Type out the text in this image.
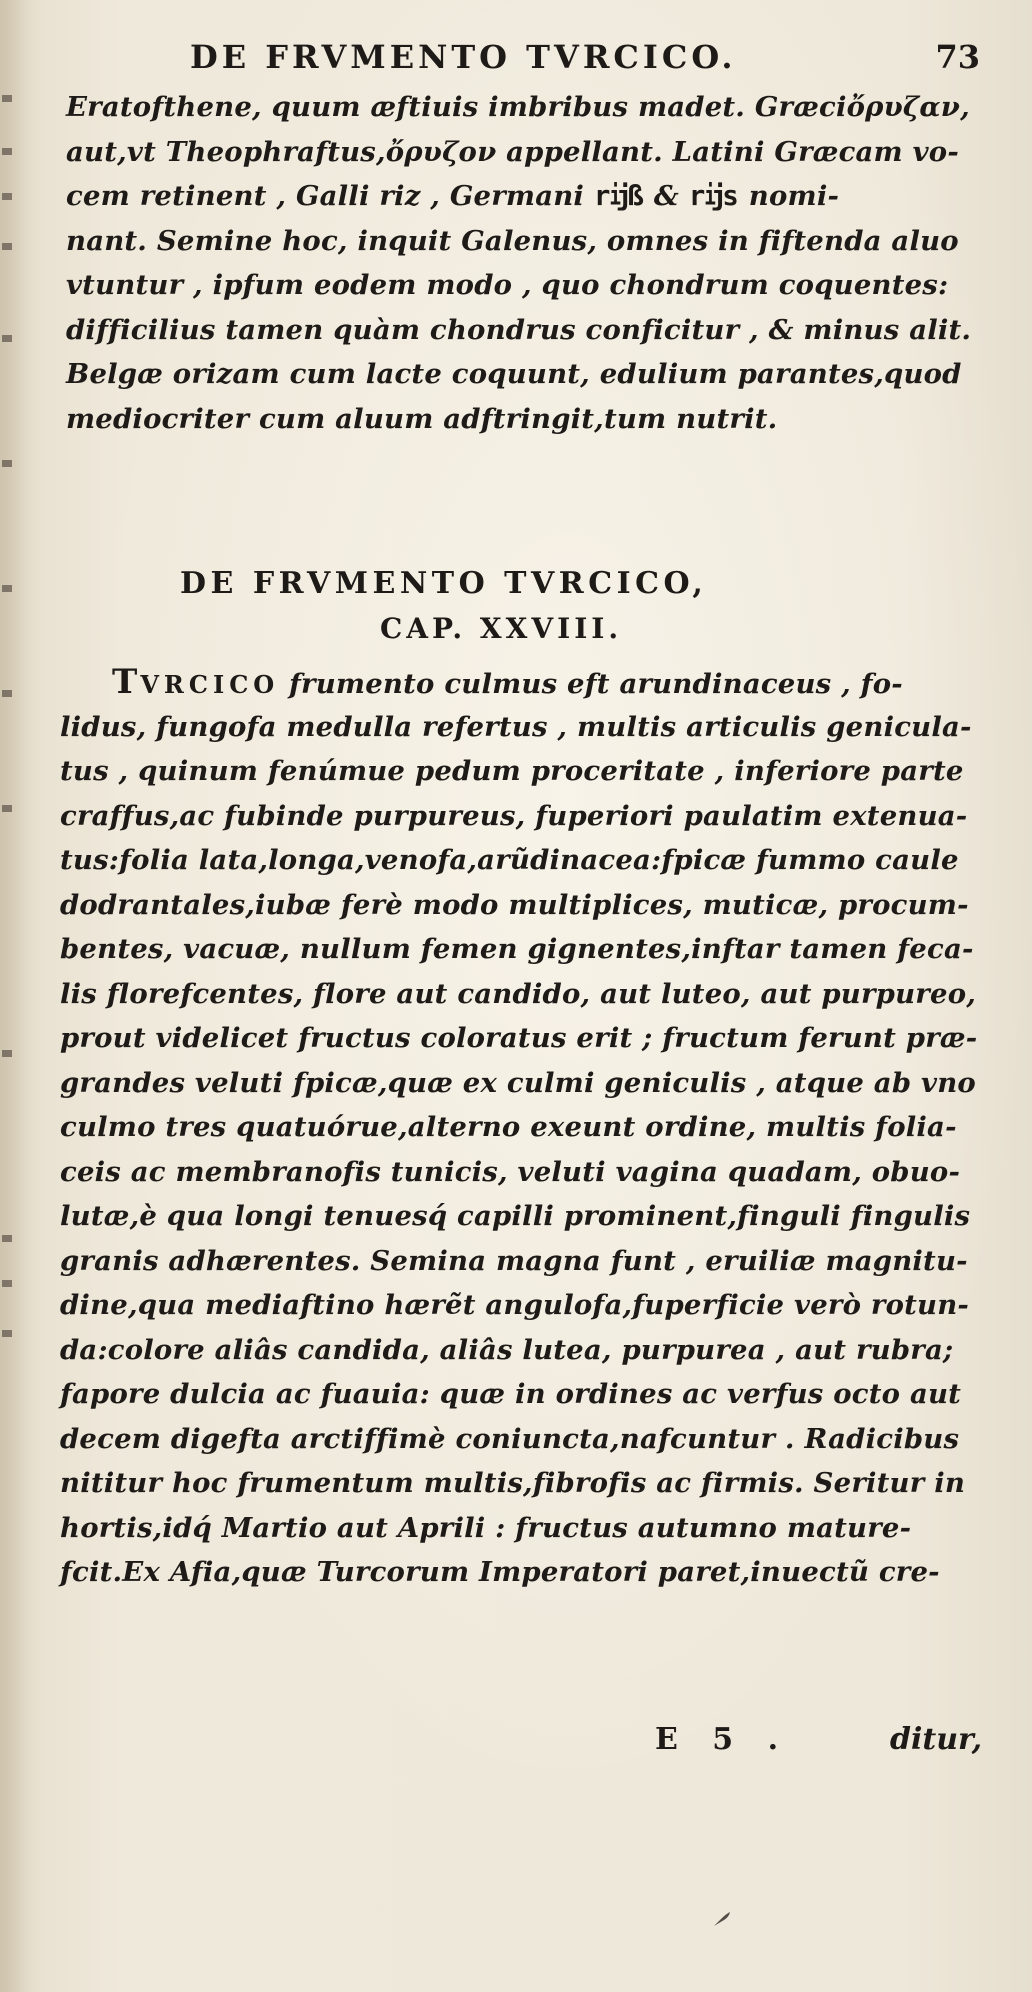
DE FRVMENTO TVRCICO.	73
Eratofthene, quum æftiuis imbribus madet. Græciὄρυζαν,
aut,vt Theophraftus,ὄρυζον appellant. Latini Græcam vo-
cem retinent , Galli riz , Germani rĳß & rĳs nomi-
nant. Semine hoc, inquit Galenus, omnes in fiftenda aluo
vtuntur , ipfum eodem modo , quo chondrum coquentes:
difficilius tamen quàm chondrus conficitur , & minus alit.
Belgæ orizam cum lacte coquunt, edulium parantes,quod
mediocriter cum aluum adftringit,tum nutrit.
DE FRVMENTO TVRCICO,
CAP. XXVIII.
TVRCICO frumento culmus eft arundinaceus , fo-
lidus, fungofa medulla refertus , multis articulis genicula-
tus , quinum fenúmue pedum proceritate , inferiore parte
craffus,ac fubinde purpureus, fuperiori paulatim extenua-
tus:folia lata,longa,venofa,arũdinacea:fpicæ fummo caule
dodrantales,iubæ ferè modo multiplices, muticæ, procum-
bentes, vacuæ, nullum femen gignentes,inftar tamen feca-
lis florefcentes, flore aut candido, aut luteo, aut purpureo,
prout videlicet fructus coloratus erit ; fructum ferunt præ-
grandes veluti fpicæ,quæ ex culmi geniculis , atque ab vno
culmo tres quatuórue,alterno exeunt ordine, multis folia-
ceis ac membranofis tunicis, veluti vagina quadam, obuo-
lutæ,è qua longi tenuesq́ capilli prominent,finguli fingulis
granis adhærentes. Semina magna funt , eruiliæ magnitu-
dine,qua mediaftino hærẽt angulofa,fuperficie verò rotun-
da:colore aliâs candida, aliâs lutea, purpurea , aut rubra;
fapore dulcia ac fuauia: quæ in ordines ac verfus octo aut
decem digefta arctiffimè coniuncta,nafcuntur . Radicibus
nititur hoc frumentum multis,fibrofis ac firmis. Seritur in
hortis,idq́ Martio aut Aprili : fructus autumno mature-
fcit.Ex Afia,quæ Turcorum Imperatori paret,inuectũ cre-
E 5 .	ditur,
